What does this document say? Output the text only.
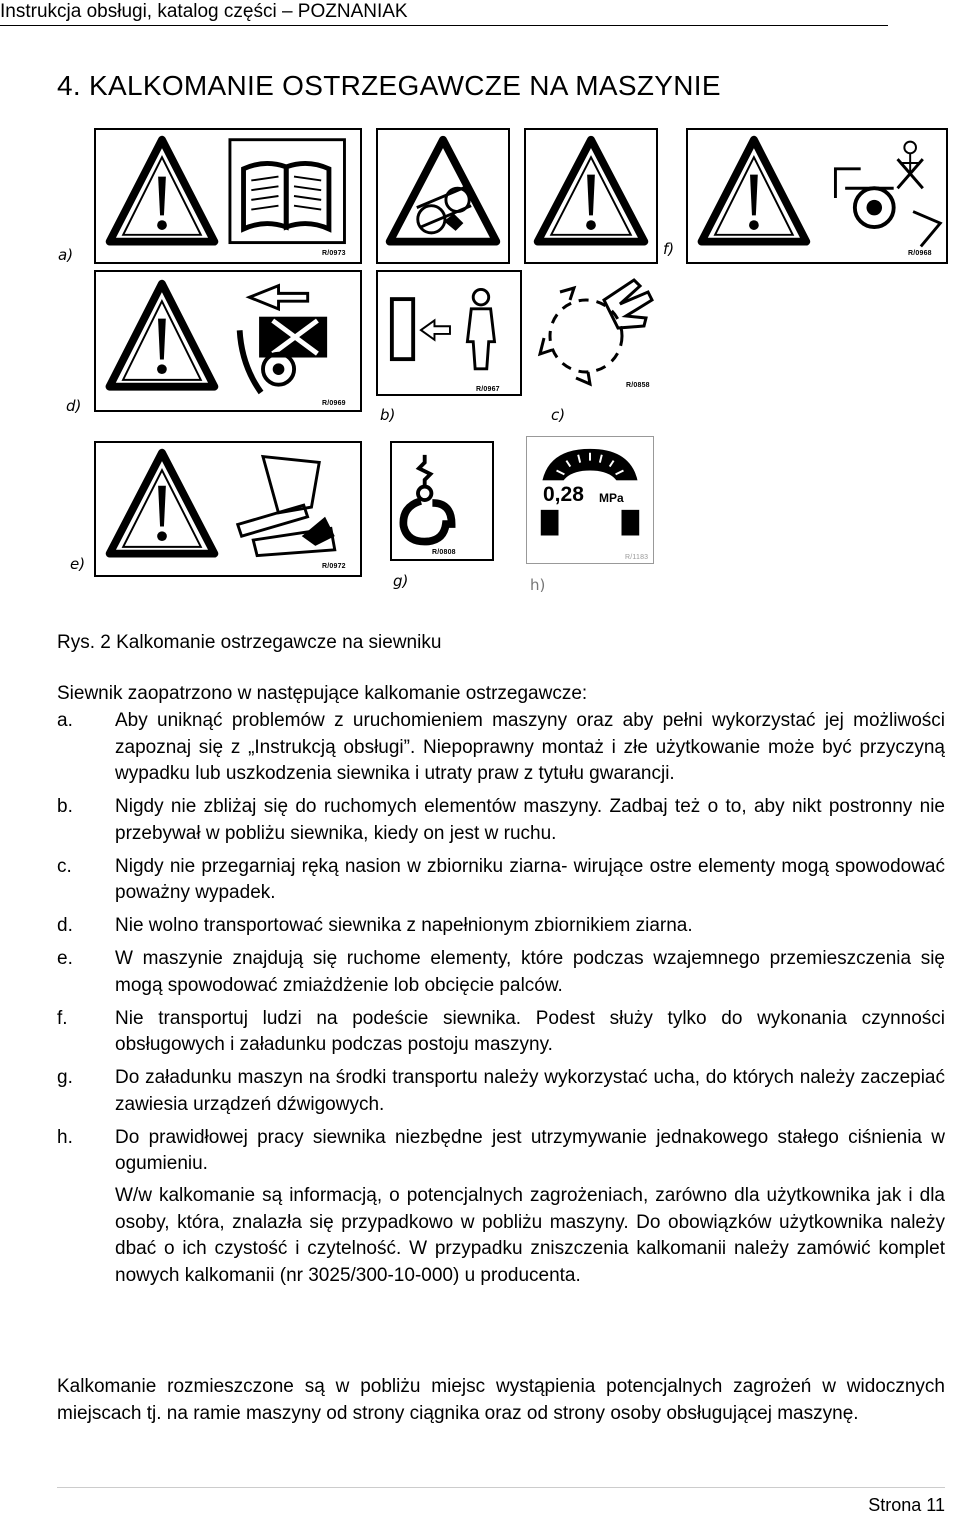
Instrukcja obsługi, katalog części – POZNANIAK
4. KALKOMANIE OSTRZEGAWCZE NA MASZYNIE
R/0973
a)	R/0968
f)
R/0969
d)
R/0967
b)
R/0858
c)
R/0972
e)
R/0808
g)
0,28 MPa
R/1183
h)
Rys. 2 Kalkomanie ostrzegawcze na siewniku
Siewnik zaopatrzono w następujące kalkomanie ostrzegawcze:
a.	Aby uniknąć problemów z uruchomieniem maszyny oraz aby pełni wykorzystać jej możliwości zapoznaj się z „Instrukcją obsługi”. Niepoprawny montaż i złe użytkowanie może być przyczyną wypadku lub uszkodzenia siewnika i utraty praw z tytułu gwarancji.
b.	Nigdy nie zbliżaj się do ruchomych elementów maszyny. Zadbaj też o to, aby nikt postronny nie przebywał w pobliżu siewnika, kiedy on jest w ruchu.
c.	Nigdy nie przegarniaj ręką nasion w zbiorniku ziarna- wirujące ostre elementy mogą spowodować poważny wypadek.
d.	Nie wolno transportować siewnika z napełnionym zbiornikiem ziarna.
e.	W maszynie znajdują się ruchome elementy, które podczas wzajemnego przemieszczenia się mogą spowodować zmiażdżenie lob obcięcie palców.
f.	Nie transportuj ludzi na podeście siewnika. Podest służy tylko do wykonania czynności obsługowych i załadunku podczas postoju maszyny.
g.	Do załadunku maszyn na środki transportu należy wykorzystać ucha, do których należy zaczepiać zawiesia urządzeń dźwigowych.
h.	Do prawidłowej pracy siewnika niezbędne jest utrzymywanie jednakowego stałego ciśnienia w ogumieniu.
W/w kalkomanie są informacją, o potencjalnych zagrożeniach, zarówno dla użytkownika jak i dla osoby, która, znalazła się przypadkowo w pobliżu maszyny. Do obowiązków użytkownika należy dbać o ich czystość i czytelność. W przypadku zniszczenia kalkomanii należy zamówić komplet nowych kalkomanii (nr 3025/300-10-000) u producenta.
Kalkomanie rozmieszczone są w pobliżu miejsc wystąpienia potencjalnych zagrożeń w widocznych miejscach tj. na ramie maszyny od strony ciągnika oraz od strony osoby obsługującej maszynę.
Strona 11
